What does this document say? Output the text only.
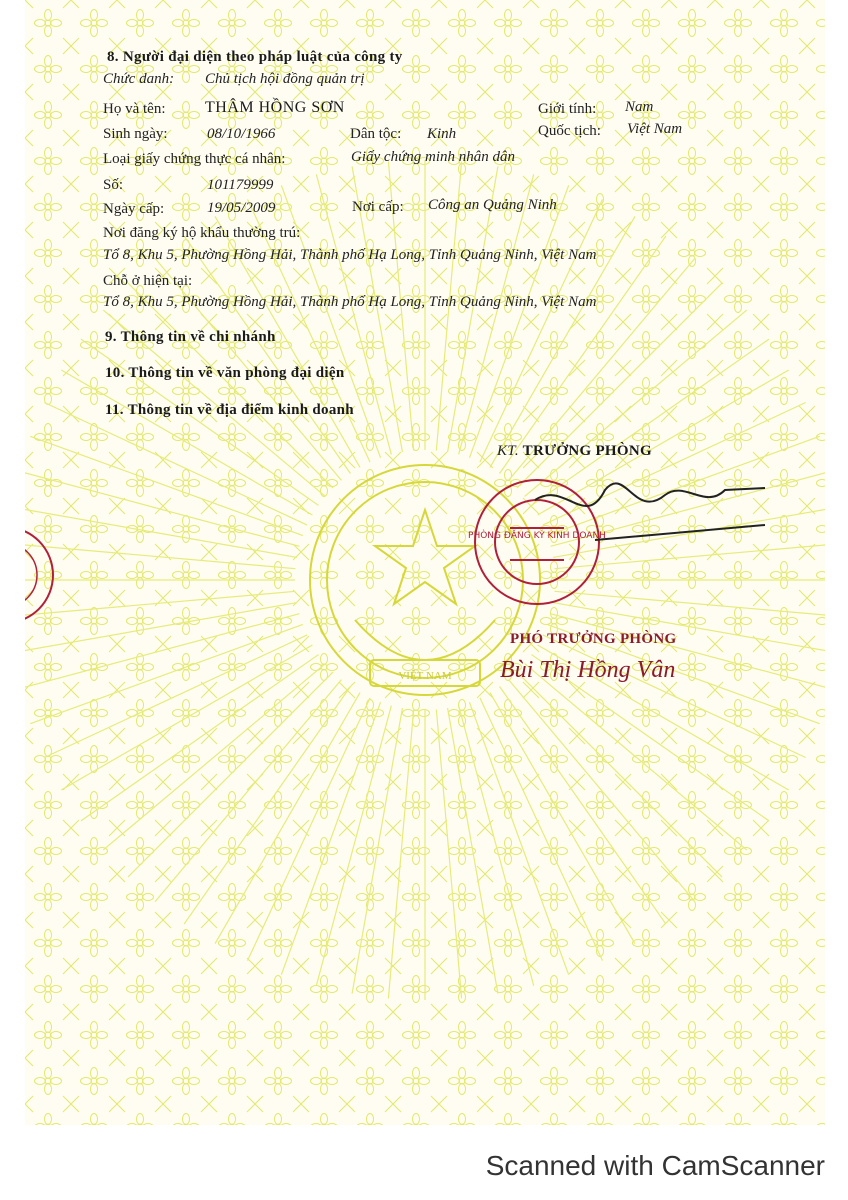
VIỆT NAM
8. Người đại diện theo pháp luật của công ty
Chức danh: Chủ tịch hội đồng quản trị
Họ và tên: THÂM HỒNG SƠN	Giới tính: Nam
Sinh ngày:	08/10/1966	Dân tộc: Kinh	Quốc tịch: Việt Nam
Loại giấy chứng thực cá nhân:	Giấy chứng minh nhân dân
Số:	101179999
Ngày cấp:	19/05/2009	Nơi cấp: Công an Quảng Ninh
Nơi đăng ký hộ khẩu thường trú:
Tổ 8, Khu 5, Phường Hồng Hải, Thành phố Hạ Long, Tỉnh Quảng Ninh, Việt Nam
Chỗ ở hiện tại:
Tổ 8, Khu 5, Phường Hồng Hải, Thành phố Hạ Long, Tỉnh Quảng Ninh, Việt Nam
9. Thông tin về chi nhánh
10. Thông tin về văn phòng đại diện
11. Thông tin về địa điểm kinh doanh
KT. TRƯỞNG PHÒNG
PHÒNG ĐĂNG KÝ KINH DOANH
PHÓ TRƯỞNG PHÒNG
Bùi Thị Hồng Vân
Scanned with CamScanner
